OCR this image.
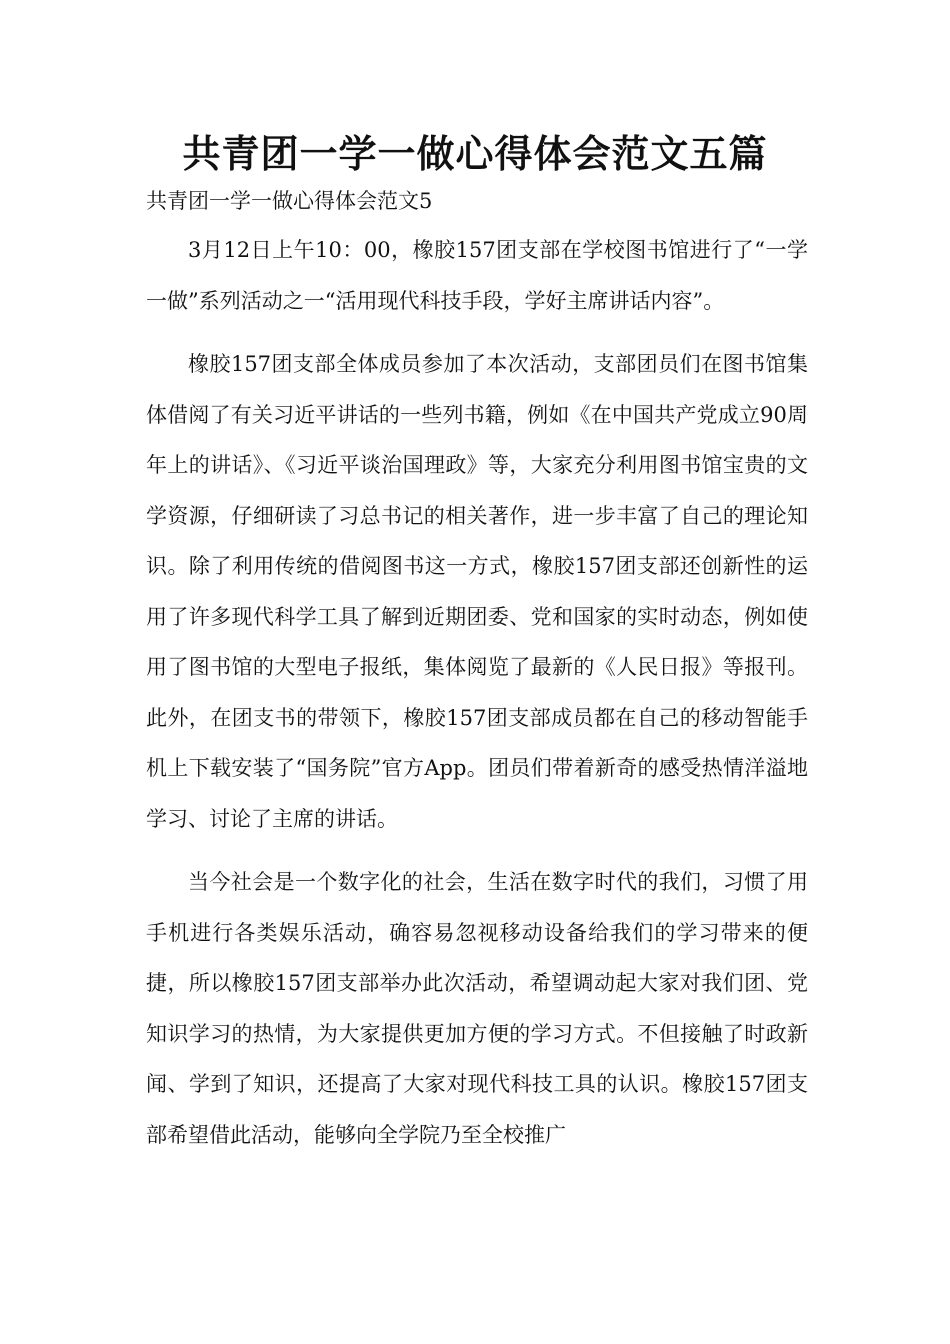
共青团一学一做心得体会范文五篇

共青团一学一做心得体会范文5

3月12日上午10：00，橡胶157团支部在学校图书馆进行了“一学一做”系列活动之一“活用现代科技手段，学好主席讲话内容”。

橡胶157团支部全体成员参加了本次活动，支部团员们在图书馆集体借阅了有关习近平讲话的一些列书籍，例如《在中国共产党成立90周年上的讲话》、《习近平谈治国理政》等，大家充分利用图书馆宝贵的文学资源，仔细研读了习总书记的相关著作，进一步丰富了自己的理论知识。除了利用传统的借阅图书这一方式，橡胶157团支部还创新性的运用了许多现代科学工具了解到近期团委、党和国家的实时动态，例如使用了图书馆的大型电子报纸，集体阅览了最新的《人民日报》等报刊。此外，在团支书的带领下，橡胶157团支部成员都在自己的移动智能手机上下载安装了“国务院”官方App。团员们带着新奇的感受热情洋溢地学习、讨论了主席的讲话。

当今社会是一个数字化的社会，生活在数字时代的我们，习惯了用手机进行各类娱乐活动，确容易忽视移动设备给我们的学习带来的便捷，所以橡胶157团支部举办此次活动，希望调动起大家对我们团、党知识学习的热情，为大家提供更加方便的学习方式。不但接触了时政新闻、学到了知识，还提高了大家对现代科技工具的认识。橡胶157团支部希望借此活动，能够向全学院乃至全校推广
